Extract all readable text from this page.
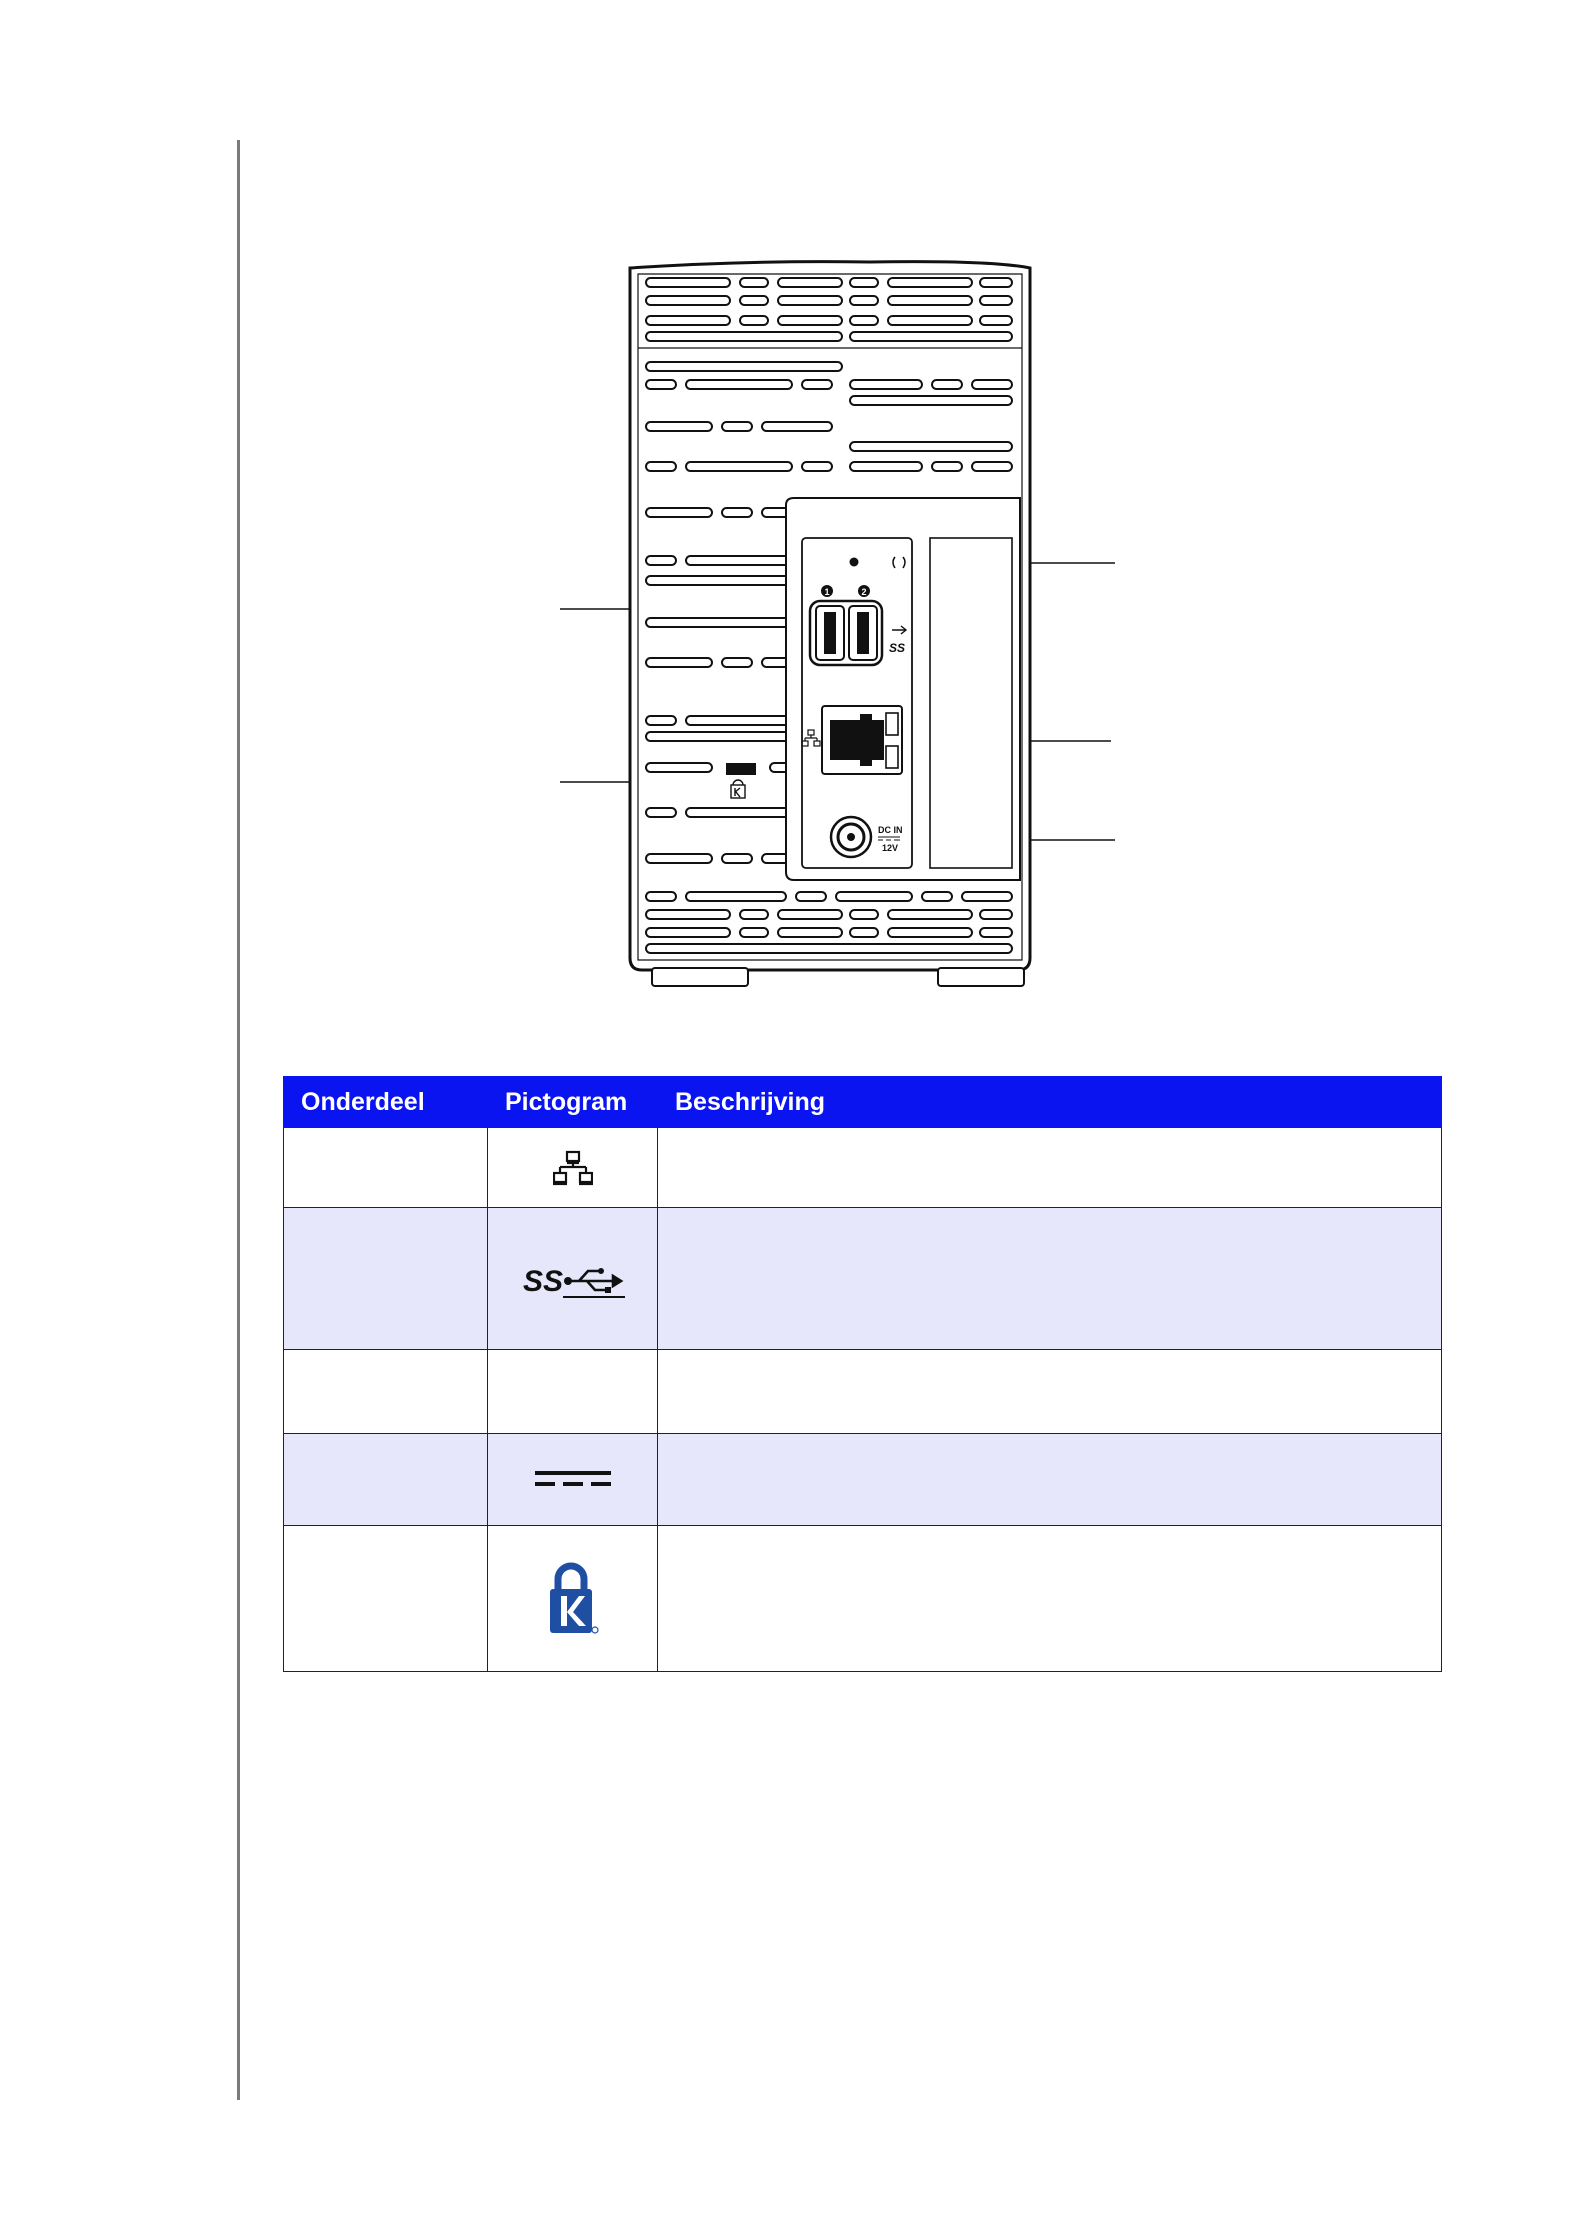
1	2
SS
DC IN
12V
Onderdeel	Pictogram	Beschrijving

SS	
